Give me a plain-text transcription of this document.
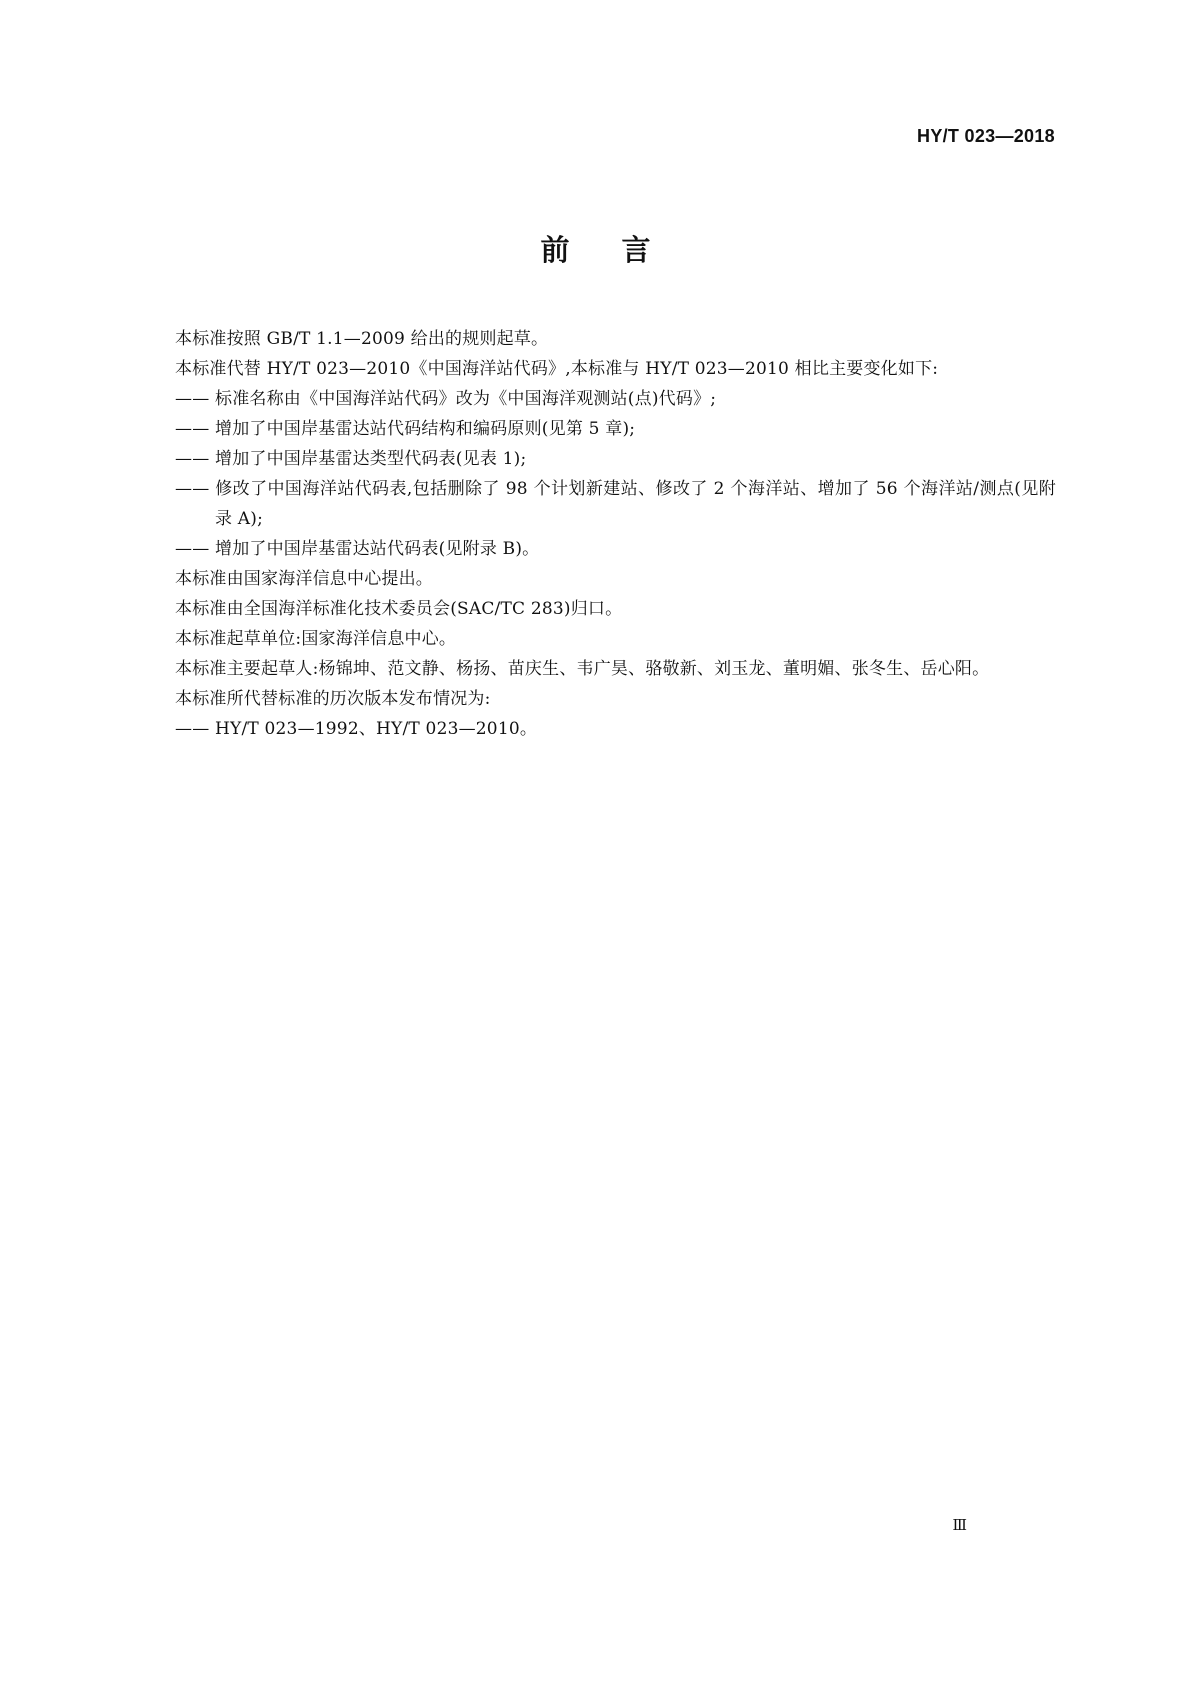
HY/T 023—2018
前言

本标准按照 GB/T 1.1—2009 给出的规则起草。

本标准代替 HY/T 023—2010《中国海洋站代码》,本标准与 HY/T 023—2010 相比主要变化如下:

—— 标准名称由《中国海洋站代码》改为《中国海洋观测站(点)代码》;

—— 增加了中国岸基雷达站代码结构和编码原则(见第 5 章);

—— 增加了中国岸基雷达类型代码表(见表 1);

—— 修改了中国海洋站代码表,包括删除了 98 个计划新建站、修改了 2 个海洋站、增加了 56 个海洋站/测点(见附录 A);

—— 增加了中国岸基雷达站代码表(见附录 B)。

本标准由国家海洋信息中心提出。

本标准由全国海洋标准化技术委员会(SAC/TC 283)归口。

本标准起草单位:国家海洋信息中心。

本标准主要起草人:杨锦坤、范文静、杨扬、苗庆生、韦广昊、骆敬新、刘玉龙、董明媚、张冬生、岳心阳。

本标准所代替标准的历次版本发布情况为:

—— HY/T 023—1992、HY/T 023—2010。

Ⅲ
